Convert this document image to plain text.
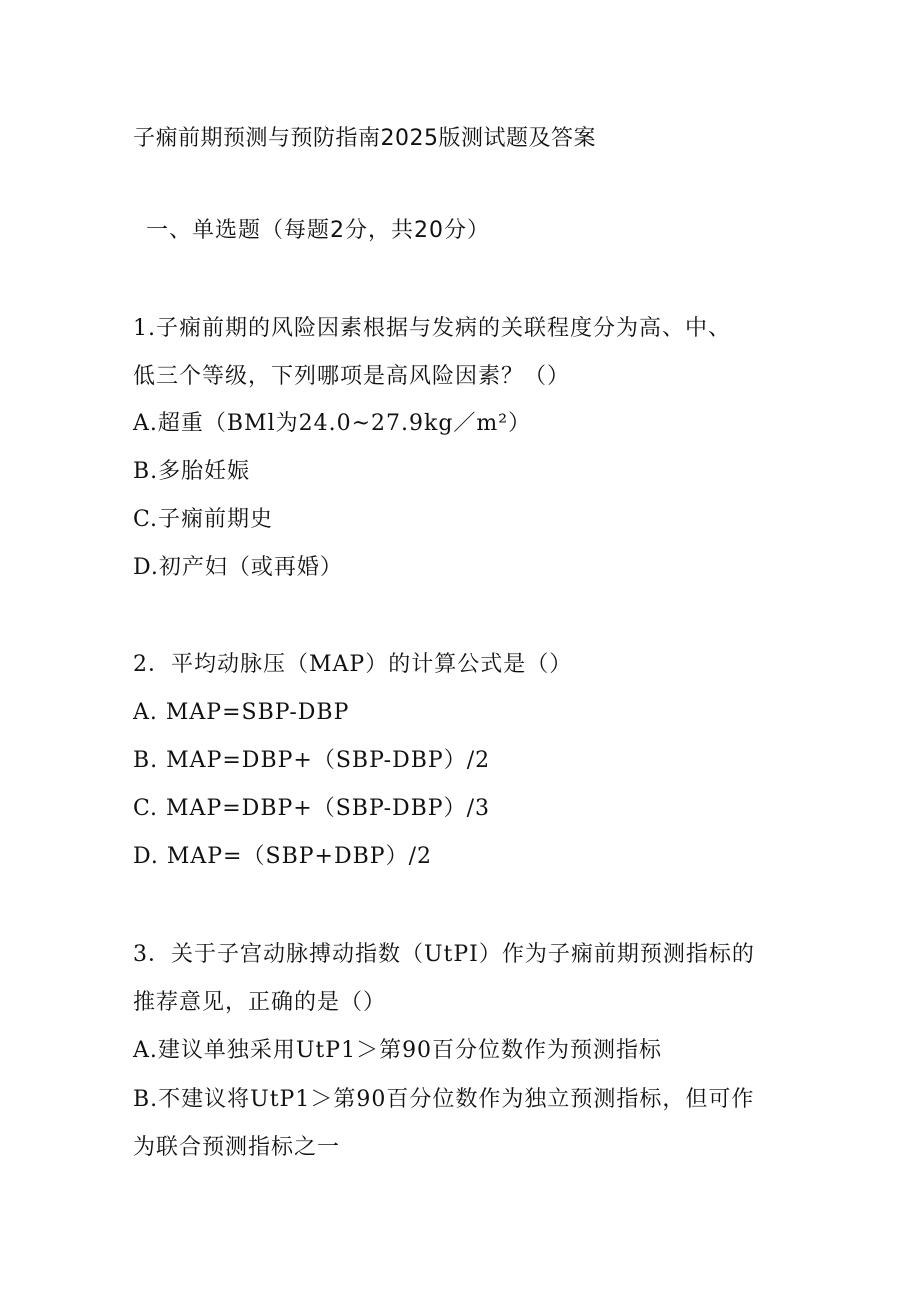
子痫前期预测与预防指南2025版测试题及答案
一、单选题（每题2分，共20分）
1.子痫前期的风险因素根据与发病的关联程度分为高、中、
低三个等级，下列哪项是高风险因素？（）
A.超重（BMl为24.0~27.9kg／m²）
B.多胎妊娠
C.子痫前期史
D.初产妇（或再婚）
2．平均动脉压（MAP）的计算公式是（）
A. MAP=SBP-DBP
B. MAP=DBP+（SBP-DBP）/2
C. MAP=DBP+（SBP-DBP）/3
D. MAP=（SBP+DBP）/2
3．关于子宫动脉搏动指数（UtPI）作为子痫前期预测指标的
推荐意见，正确的是（）
A.建议单独采用UtP1＞第90百分位数作为预测指标
B.不建议将UtP1＞第90百分位数作为独立预测指标，但可作
为联合预测指标之一
